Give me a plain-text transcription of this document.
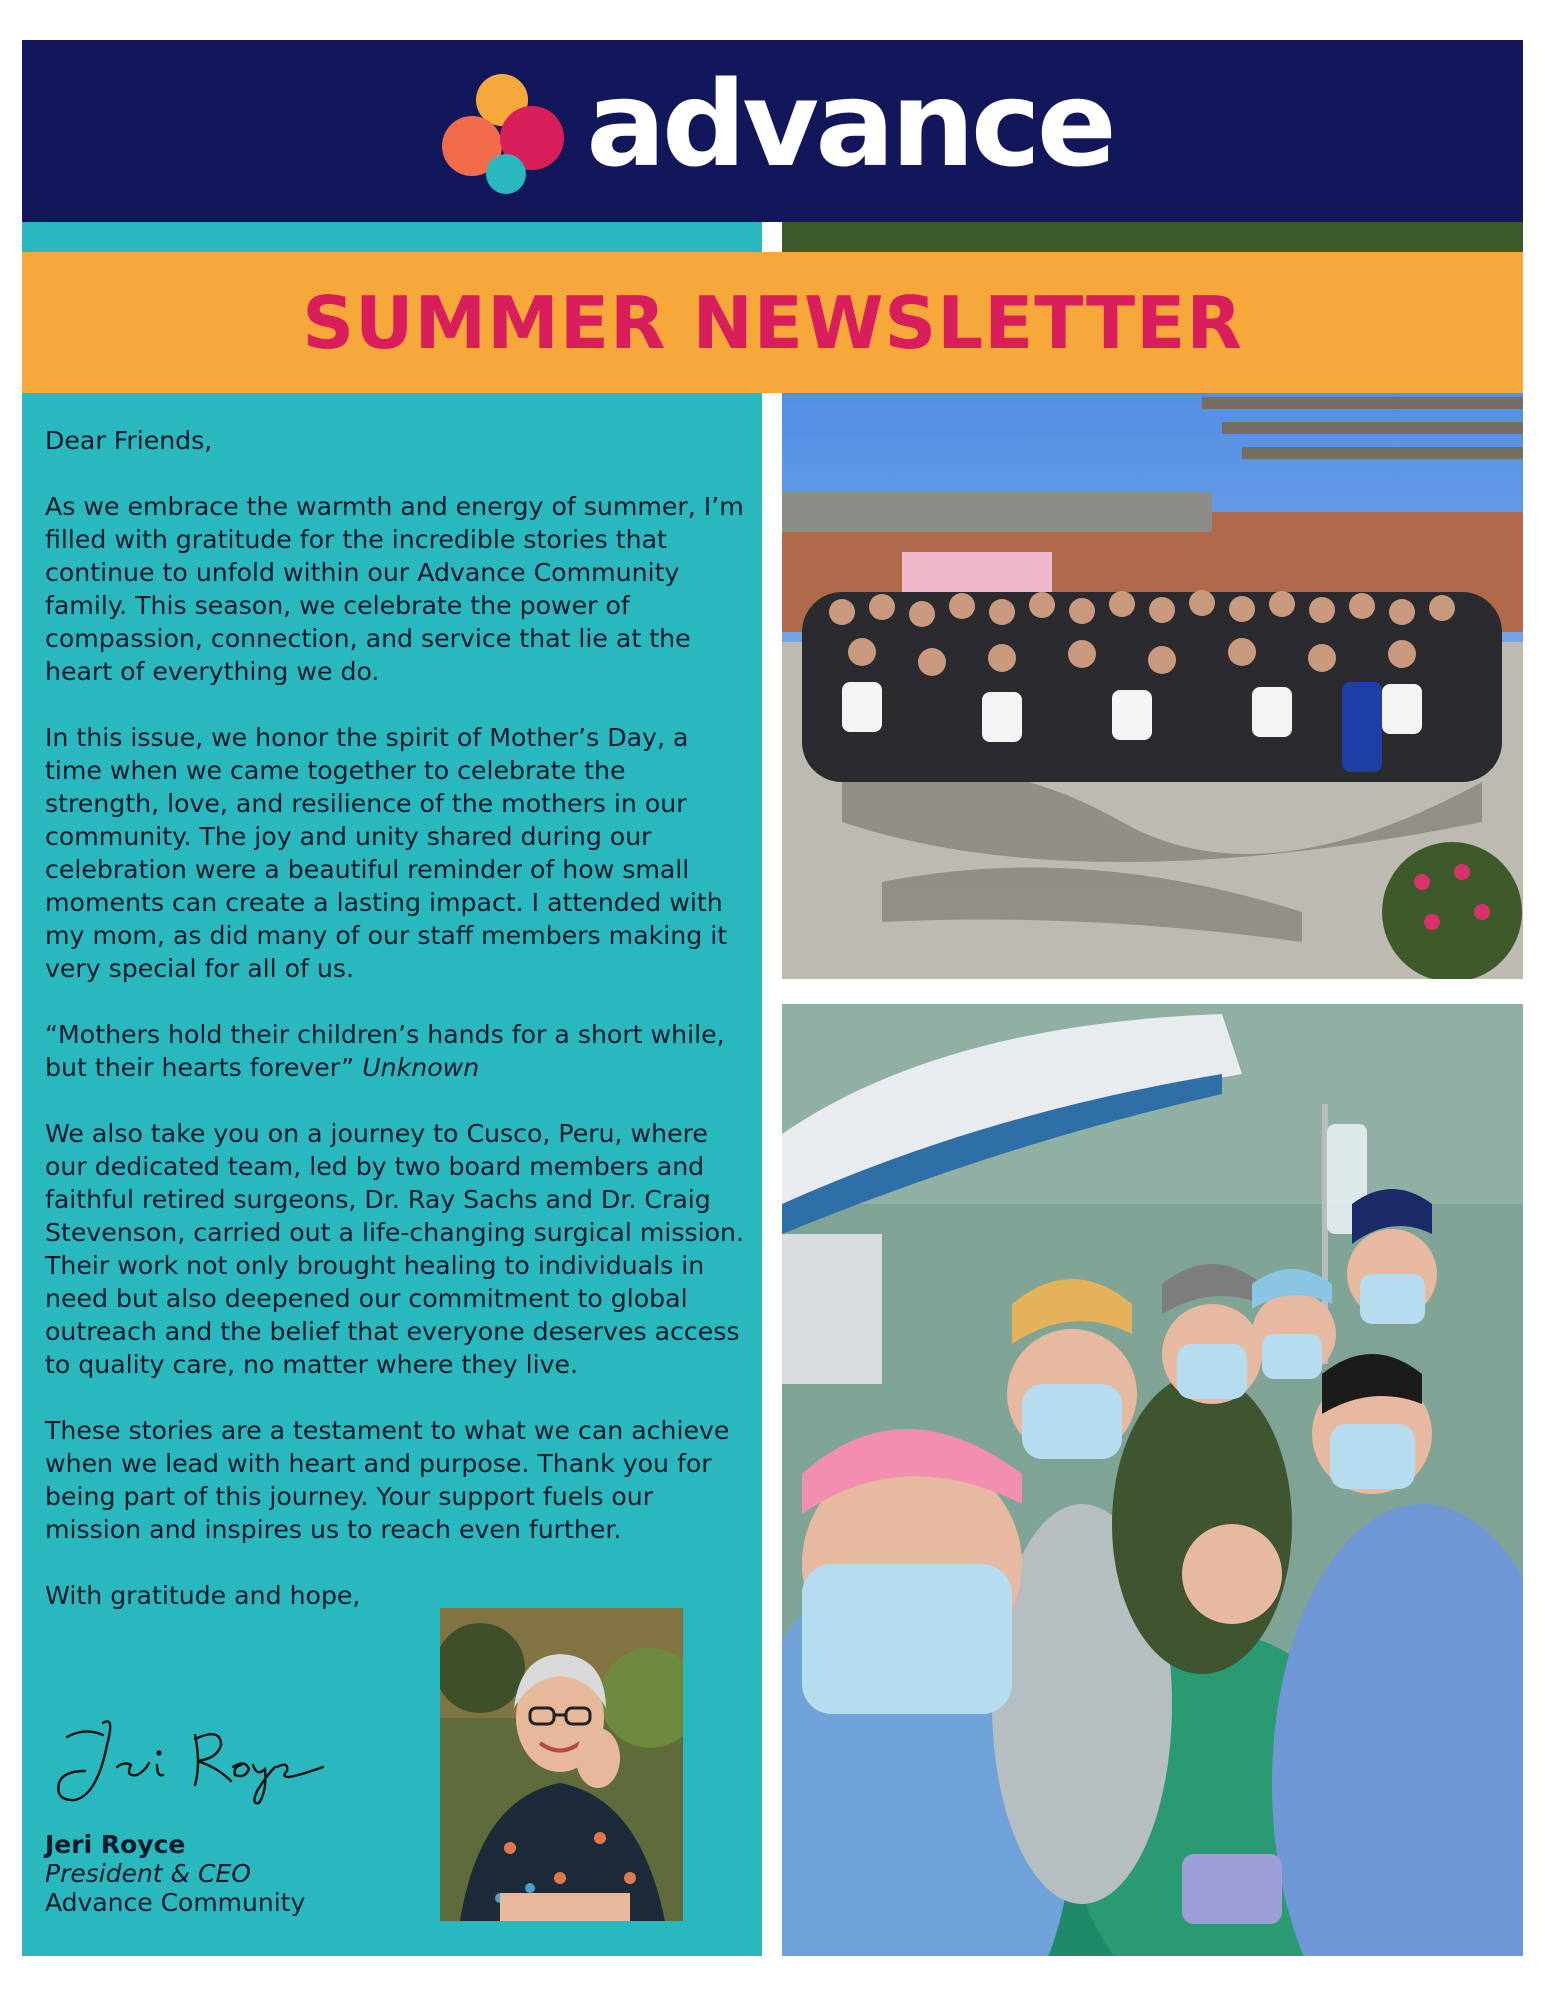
advance
SUMMER NEWSLETTER

Dear Friends,

As we embrace the warmth and energy of summer, I’m filled with gratitude for the incredible stories that continue to unfold within our Advance Community family. This season, we celebrate the power of compassion, connection, and service that lie at the heart of everything we do.

In this issue, we honor the spirit of Mother’s Day, a time when we came together to celebrate the strength, love, and resilience of the mothers in our community. The joy and unity shared during our celebration were a beautiful reminder of how small moments can create a lasting impact. I attended with my mom, as did many of our staff members making it very special for all of us.

“Mothers hold their children’s hands for a short while, but their hearts forever” Unknown

We also take you on a journey to Cusco, Peru, where our dedicated team, led by two board members and faithful retired surgeons, Dr. Ray Sachs and Dr. Craig Stevenson, carried out a life-changing surgical mission. Their work not only brought healing to individuals in need but also deepened our commitment to global outreach and the belief that everyone deserves access to quality care, no matter where they live.

These stories are a testament to what we can achieve when we lead with heart and purpose. Thank you for being part of this journey. Your support fuels our mission and inspires us to reach even further.

With gratitude and hope,

Jeri Royce
President & CEO
Advance Community
